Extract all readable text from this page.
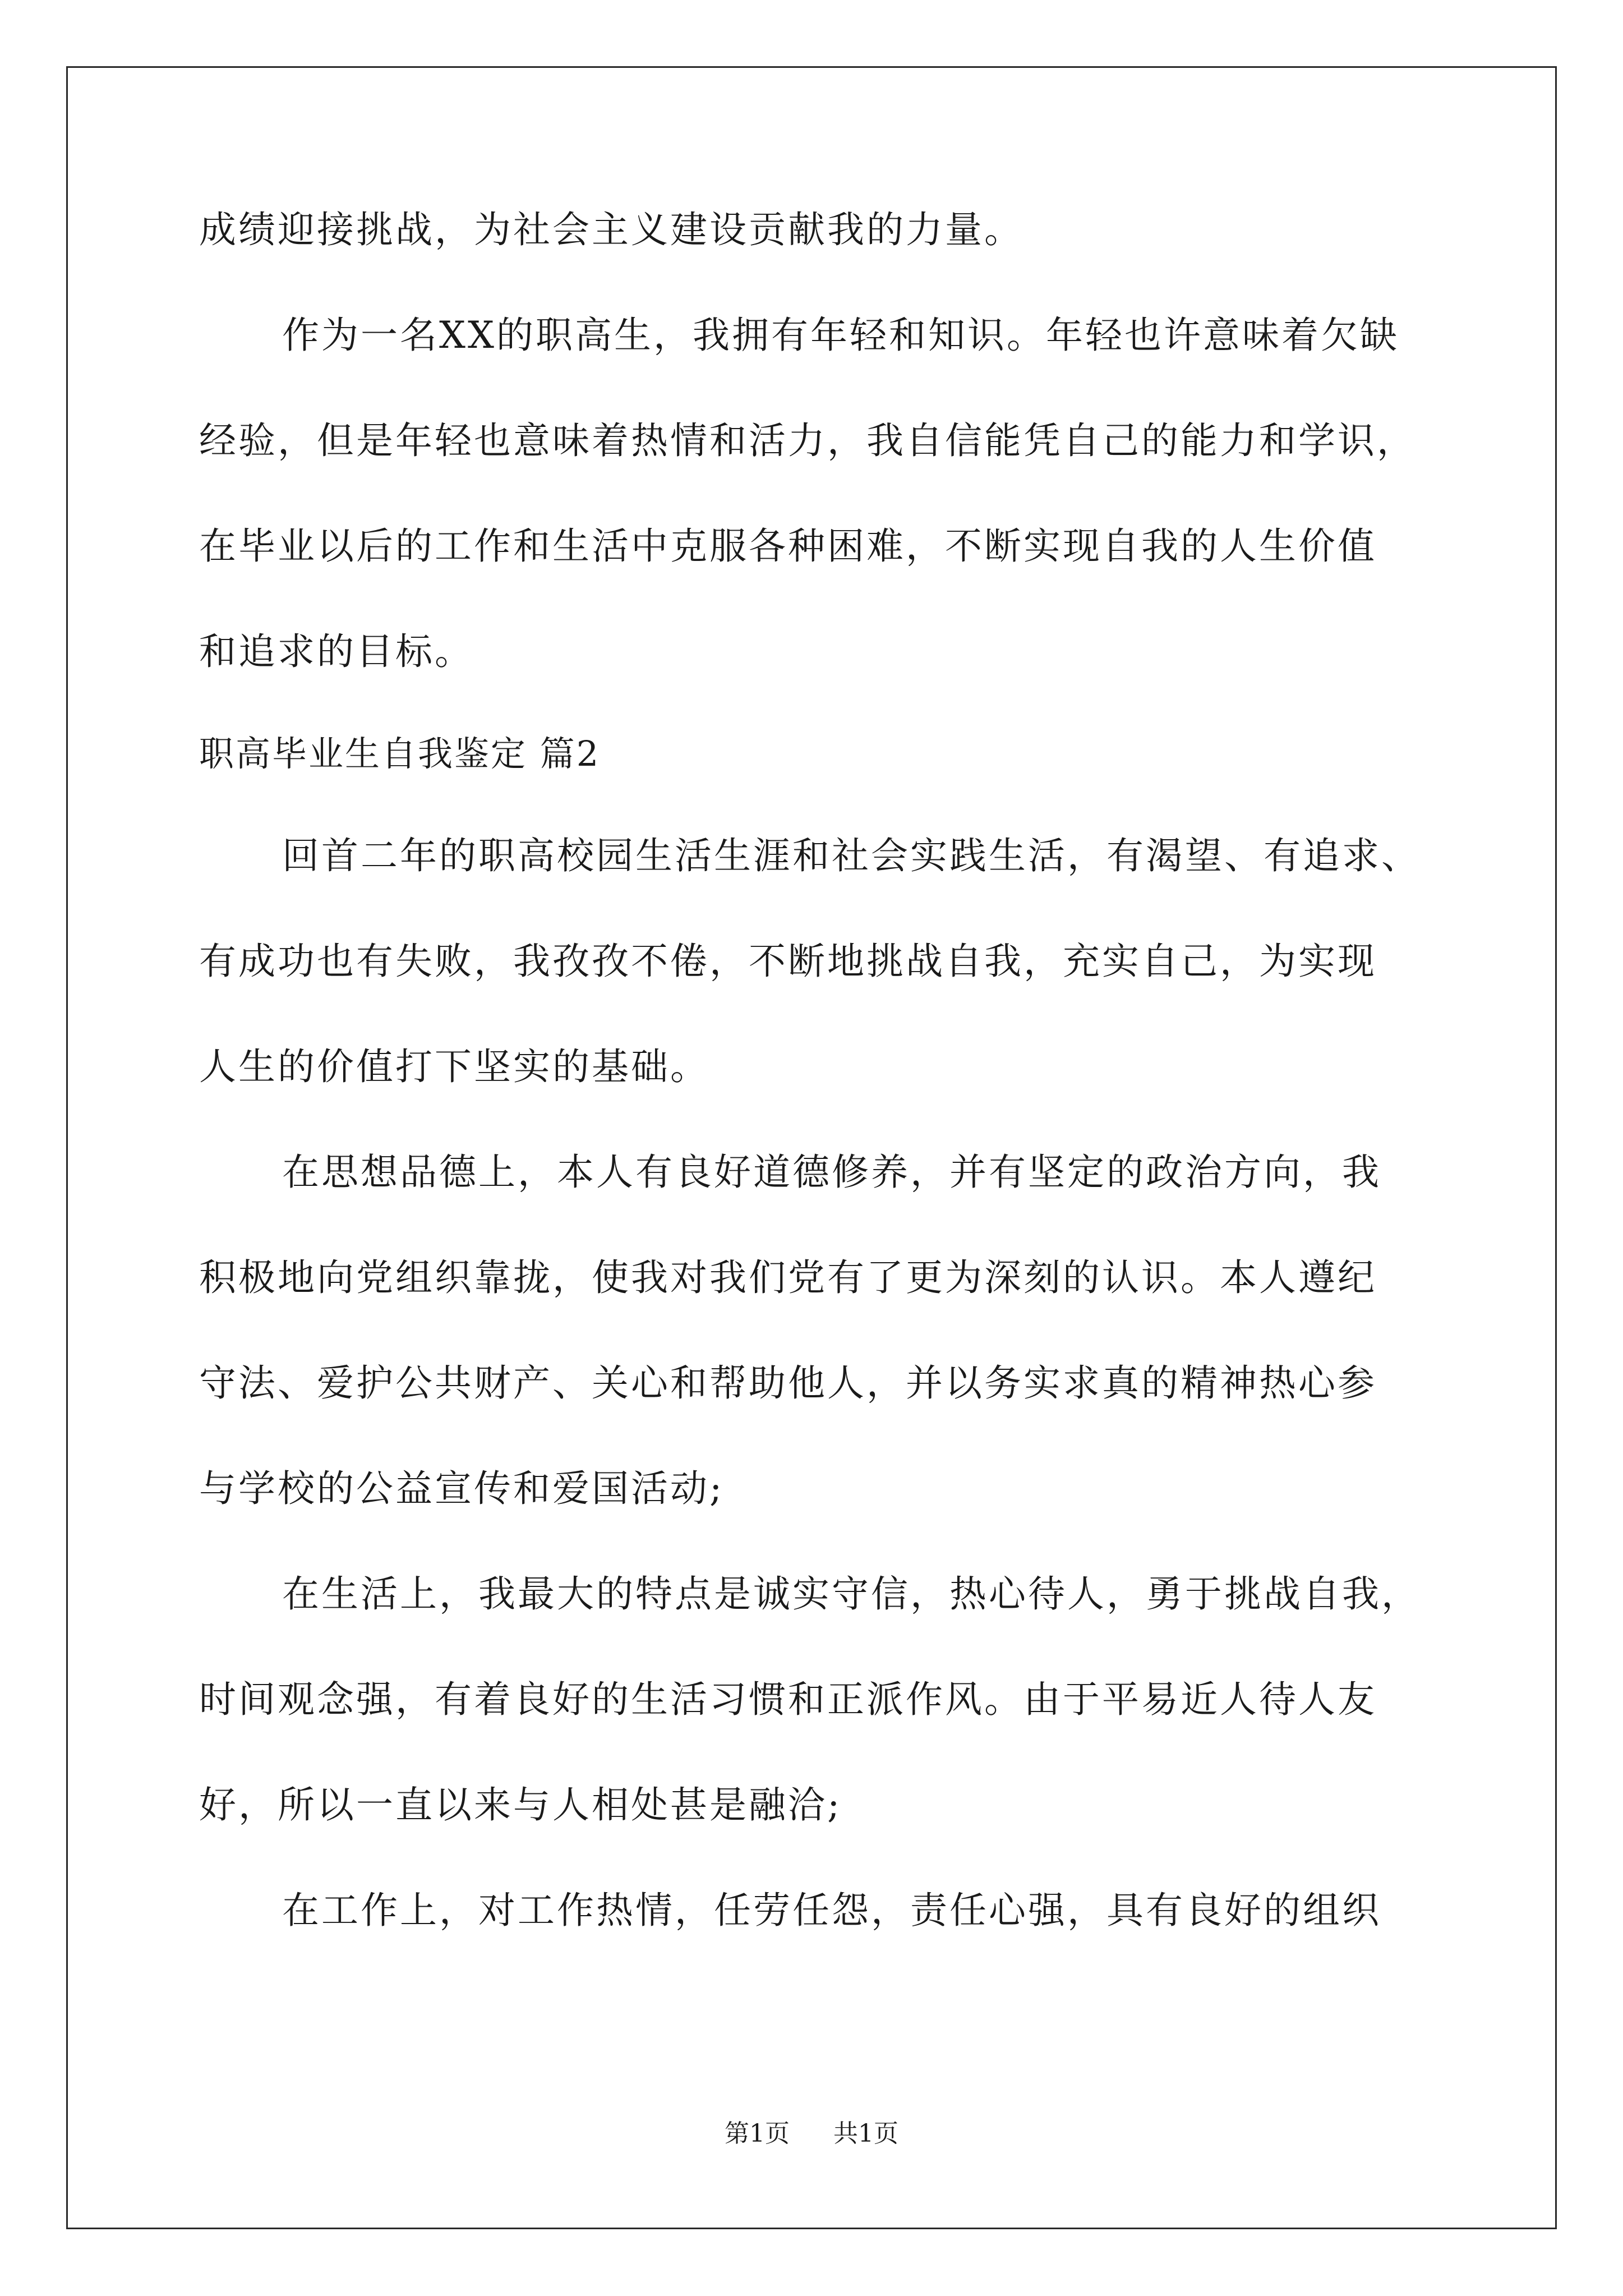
成绩迎接挑战，为社会主义建设贡献我的力量。

作为一名XX的职高生，我拥有年轻和知识。年轻也许意味着欠缺

经验，但是年轻也意味着热情和活力，我自信能凭自己的能力和学识，

在毕业以后的工作和生活中克服各种困难，不断实现自我的人生价值

和追求的目标。

职高毕业生自我鉴定 篇2

回首二年的职高校园生活生涯和社会实践生活，有渴望、有追求、

有成功也有失败，我孜孜不倦，不断地挑战自我，充实自己，为实现

人生的价值打下坚实的基础。

在思想品德上，本人有良好道德修养，并有坚定的政治方向，我

积极地向党组织靠拢，使我对我们党有了更为深刻的认识。本人遵纪

守法、爱护公共财产、关心和帮助他人，并以务实求真的精神热心参

与学校的公益宣传和爱国活动;

在生活上，我最大的特点是诚实守信，热心待人，勇于挑战自我，

时间观念强，有着良好的生活习惯和正派作风。由于平易近人待人友

好，所以一直以来与人相处甚是融洽;

在工作上，对工作热情，任劳任怨，责任心强，具有良好的组织

第1页 共1页
